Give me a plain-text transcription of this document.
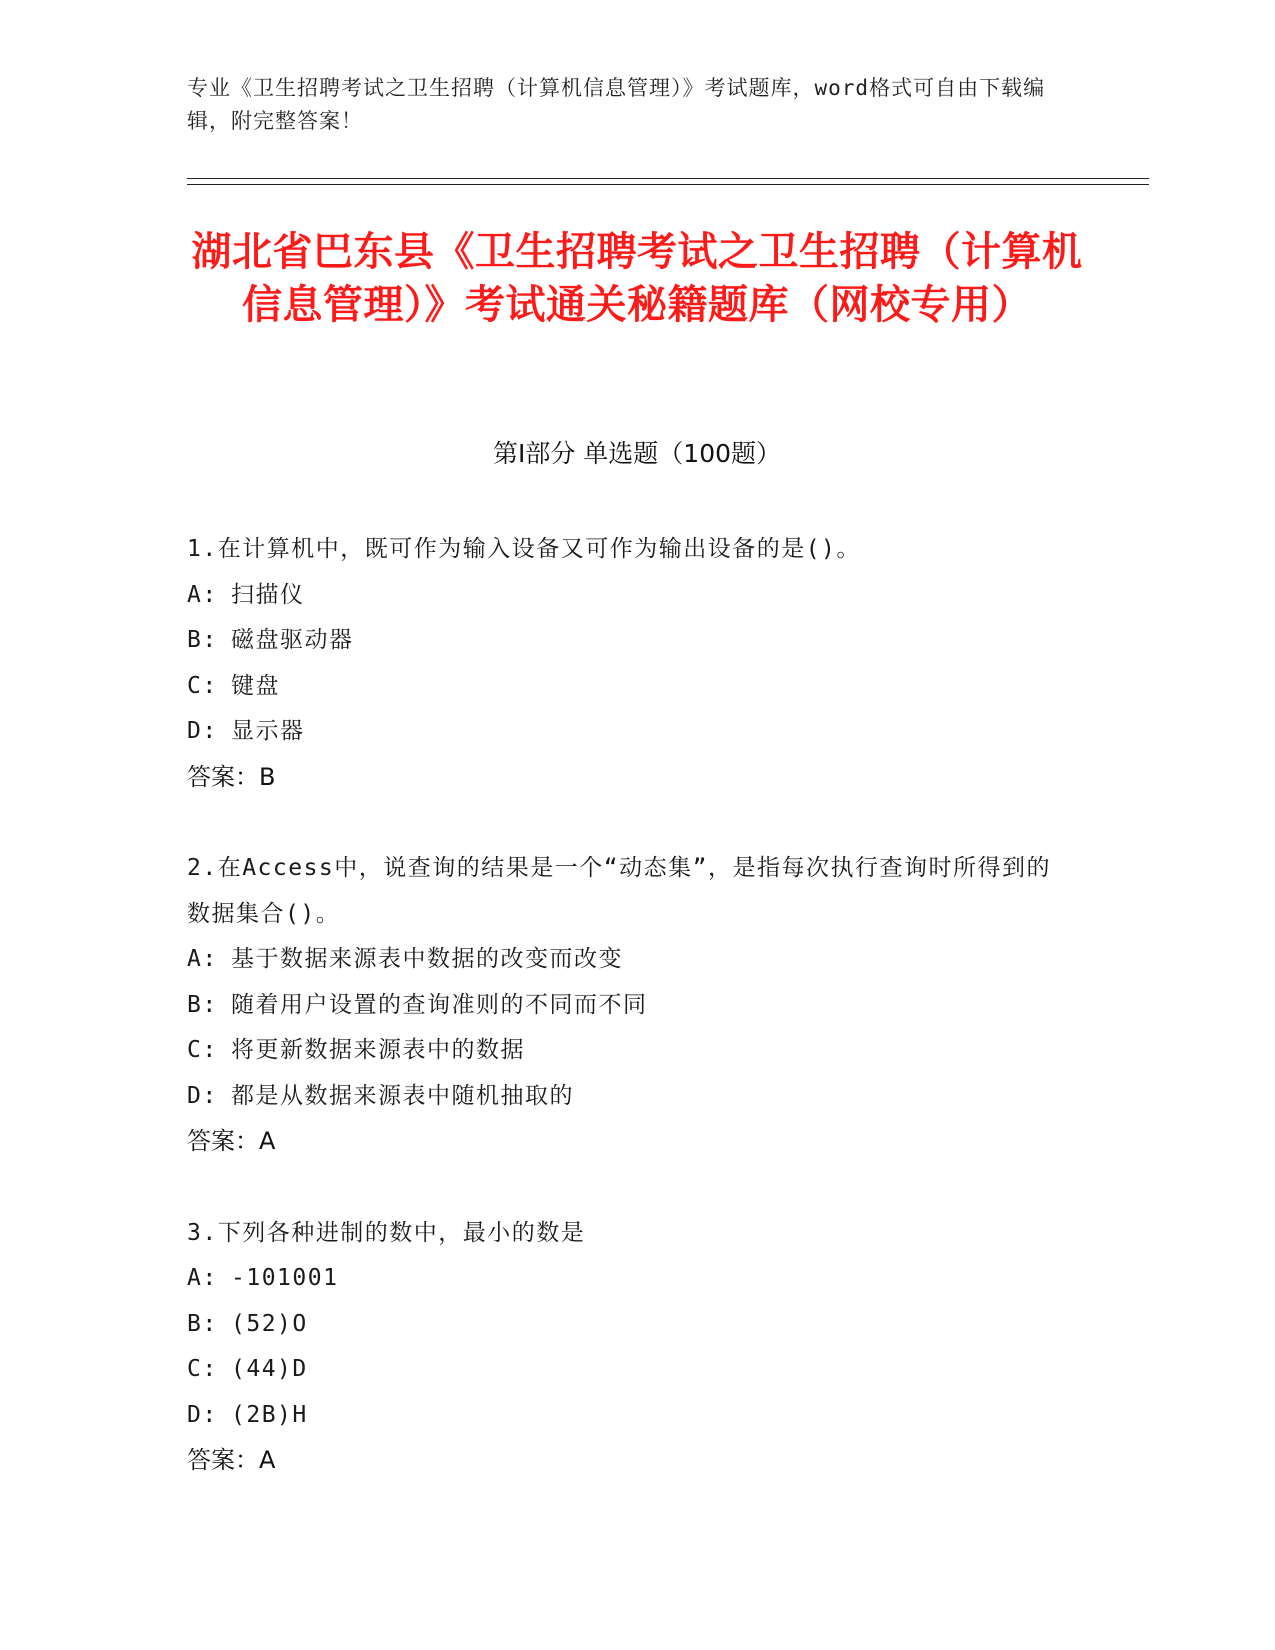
专业《卫生招聘考试之卫生招聘（计算机信息管理）》考试题库，word格式可自由下载编辑，附完整答案！
湖北省巴东县《卫生招聘考试之卫生招聘（计算机信息管理）》考试通关秘籍题库（网校专用）
第Ⅰ部分 单选题（100题）
1.在计算机中，既可作为输入设备又可作为输出设备的是()。
A: 扫描仪
B: 磁盘驱动器
C: 键盘
D: 显示器
答案：B
2.在Access中，说查询的结果是一个“动态集”，是指每次执行查询时所得到的数据集合()。
A: 基于数据来源表中数据的改变而改变
B: 随着用户设置的查询准则的不同而不同
C: 将更新数据来源表中的数据
D: 都是从数据来源表中随机抽取的
答案：A
3.下列各种进制的数中，最小的数是
A: -101001
B: (52)O
C: (44)D
D: (2B)H
答案：A
